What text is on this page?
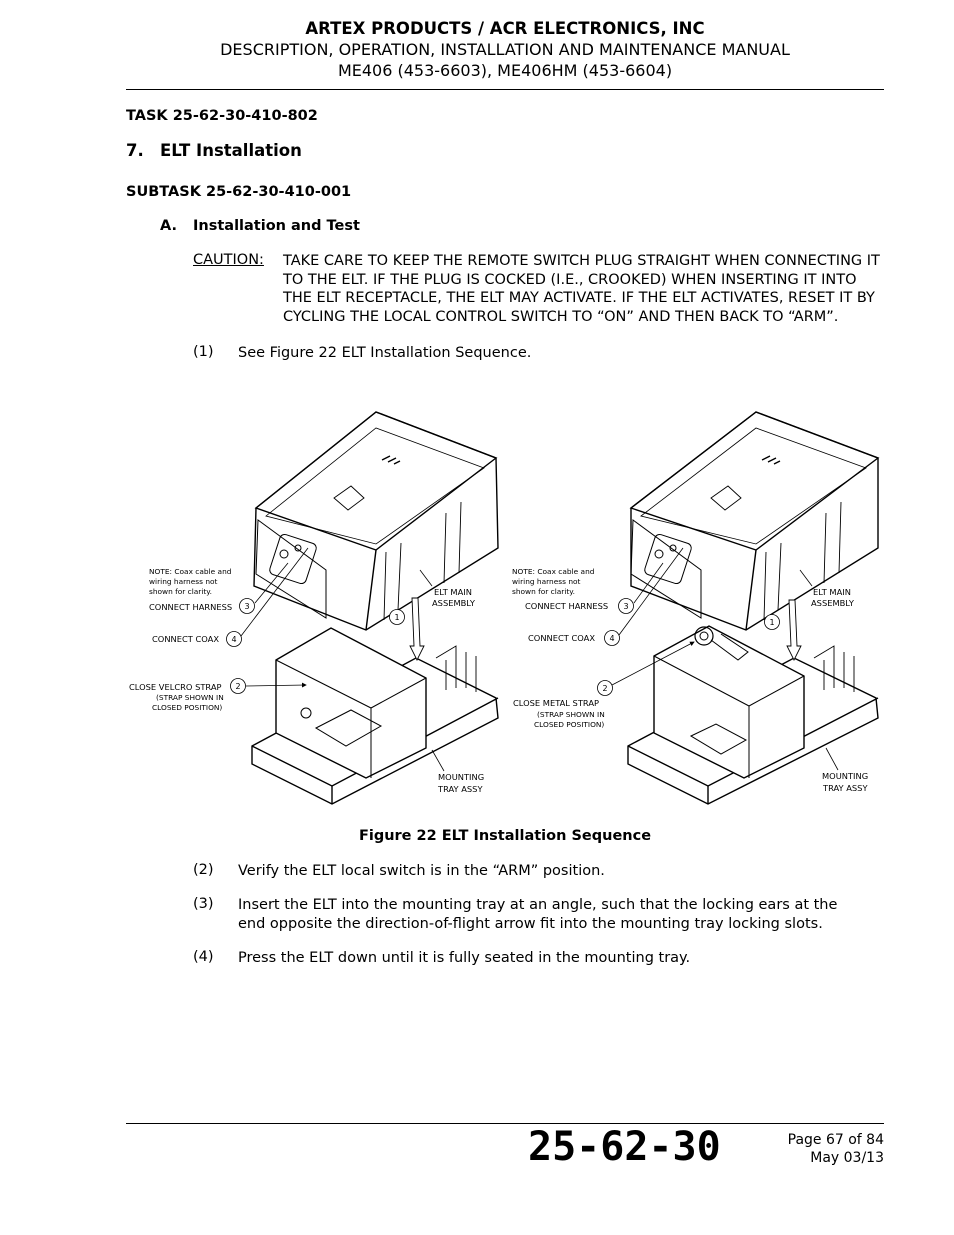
ARTEX PRODUCTS / ACR ELECTRONICS, INC
DESCRIPTION, OPERATION, INSTALLATION AND MAINTENANCE MANUAL
ME406 (453-6603), ME406HM (453-6604)
TASK 25-62-30-410-802
7. ELT Installation
SUBTASK 25-62-30-410-001
A. Installation and Test
CAUTION: TAKE CARE TO KEEP THE REMOTE SWITCH PLUG STRAIGHT WHEN CONNECTING IT TO THE ELT. IF THE PLUG IS COCKED (I.E., CROOKED) WHEN INSERTING IT INTO THE ELT RECEPTACLE, THE ELT MAY ACTIVATE. IF THE ELT ACTIVATES, RESET IT BY CYCLING THE LOCAL CONTROL SWITCH TO “ON” AND THEN BACK TO “ARM”.
(1) See Figure 22 ELT Installation Sequence.
NOTE: Coax cable and
wiring harness not
shown for clarity.
CONNECT HARNESS 3
CONNECT COAX 4
CLOSE VELCRO STRAP
(STRAP SHOWN IN
CLOSED POSITION)
2
ELT MAIN
ASSEMBLY
1
MOUNTING
TRAY ASSY
NOTE: Coax cable and
wiring harness not
shown for clarity.
CONNECT HARNESS 3
CONNECT COAX 4
2
CLOSE METAL STRAP
(STRAP SHOWN IN
CLOSED POSITION)
ELT MAIN
ASSEMBLY
1
MOUNTING
TRAY ASSY
Figure 22 ELT Installation Sequence
(2) Verify the ELT local switch is in the “ARM” position.
(3) Insert the ELT into the mounting tray at an angle, such that the locking ears at the end opposite the direction-of-flight arrow fit into the mounting tray locking slots.
(4) Press the ELT down until it is fully seated in the mounting tray.
25-62-30	Page 67 of 84
May 03/13
